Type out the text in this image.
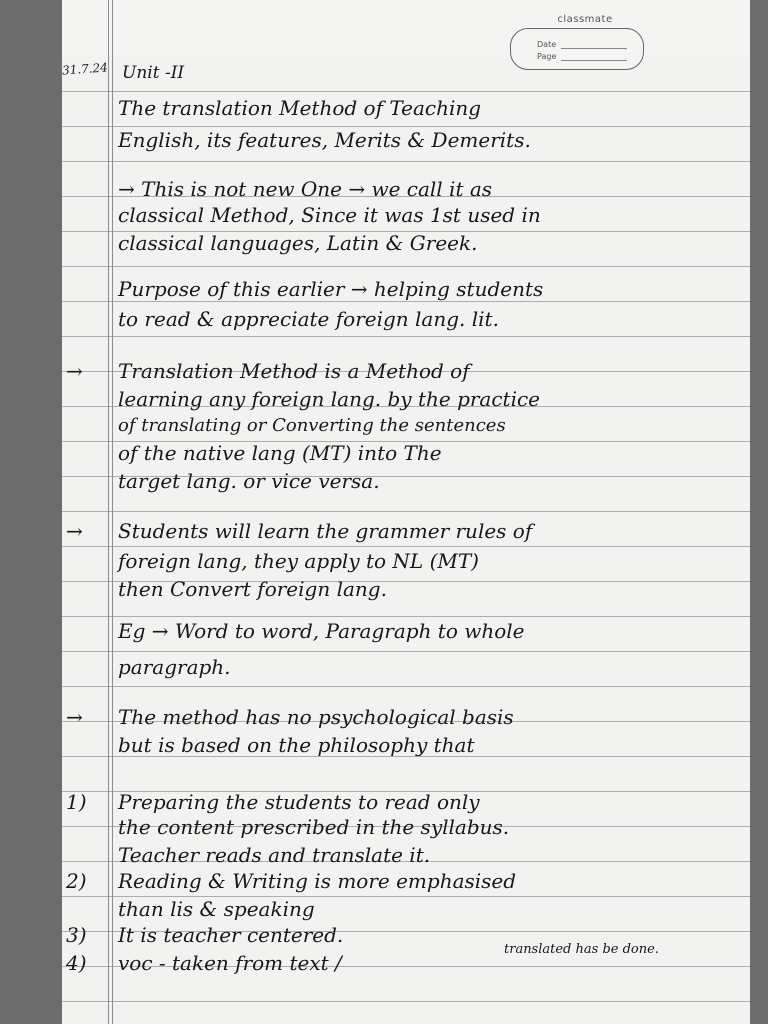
classmate
Date
Page
31.7.24 Unit -II
The translation Method of Teaching
English, its features, Merits & Demerits.
→ This is not new One → we call it as
classical Method, Since it was 1st used in
classical languages, Latin & Greek.
Purpose of this earlier → helping students
to read & appreciate foreign lang. lit.
→ Translation Method is a Method of
learning any foreign lang. by the practice
of translating or Converting the sentences
of the native lang (MT) into The
target lang. or vice versa.
→ Students will learn the grammer rules of
foreign lang, they apply to NL (MT)
then Convert foreign lang.
Eg → Word to word, Paragraph to whole
paragraph.
→ The method has no psychological basis
but is based on the philosophy that
1) Preparing the students to read only
the content prescribed in the syllabus.
Teacher reads and translate it.
2) Reading & Writing is more emphasised
than lis & speaking
3) It is teacher centered.
4) voc - taken from text /
translated has be done.
